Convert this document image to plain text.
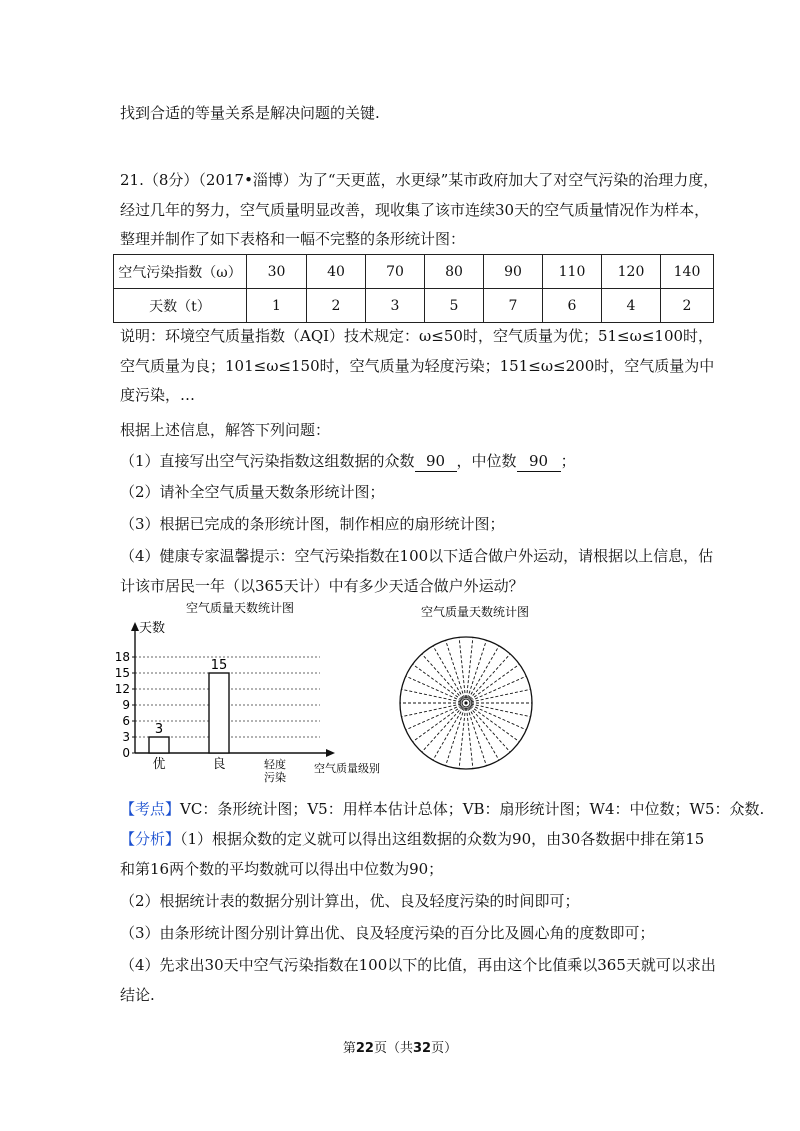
找到合适的等量关系是解决问题的关键.
21.（8分）（2017•淄博）为了“天更蓝，水更绿”某市政府加大了对空气污染的治理力度，
经过几年的努力，空气质量明显改善，现收集了该市连续30天的空气质量情况作为样本，
整理并制作了如下表格和一幅不完整的条形统计图：
空气污染指数（ω）	30	40	70	80	90	110	120	140
天数（t）	1	2	3	5	7	6	4	2
说明：环境空气质量指数（AQI）技术规定：ω≤50时，空气质量为优；51≤ω≤100时，
空气质量为良；101≤ω≤150时，空气质量为轻度污染；151≤ω≤200时，空气质量为中
度污染，…
根据上述信息，解答下列问题：
（1）直接写出空气污染指数这组数据的众数 90 ，中位数 90 ；
（2）请补全空气质量天数条形统计图；
（3）根据已完成的条形统计图，制作相应的扇形统计图；
（4）健康专家温馨提示：空气污染指数在100以下适合做户外运动，请根据以上信息，估
计该市居民一年（以365天计）中有多少天适合做户外运动？
空气质量天数统计图
天数
0
3
6
9
12
15
18
3
15
优	良	轻度
污染
空气质量级别
空气质量天数统计图
【考点】VC：条形统计图；V5：用样本估计总体；VB：扇形统计图；W4：中位数；W5：众数.
【分析】（1）根据众数的定义就可以得出这组数据的众数为90，由30各数据中排在第15
和第16两个数的平均数就可以得出中位数为90；
（2）根据统计表的数据分别计算出，优、良及轻度污染的时间即可；
（3）由条形统计图分别计算出优、良及轻度污染的百分比及圆心角的度数即可；
（4）先求出30天中空气污染指数在100以下的比值，再由这个比值乘以365天就可以求出
结论.
第22页（共32页）
